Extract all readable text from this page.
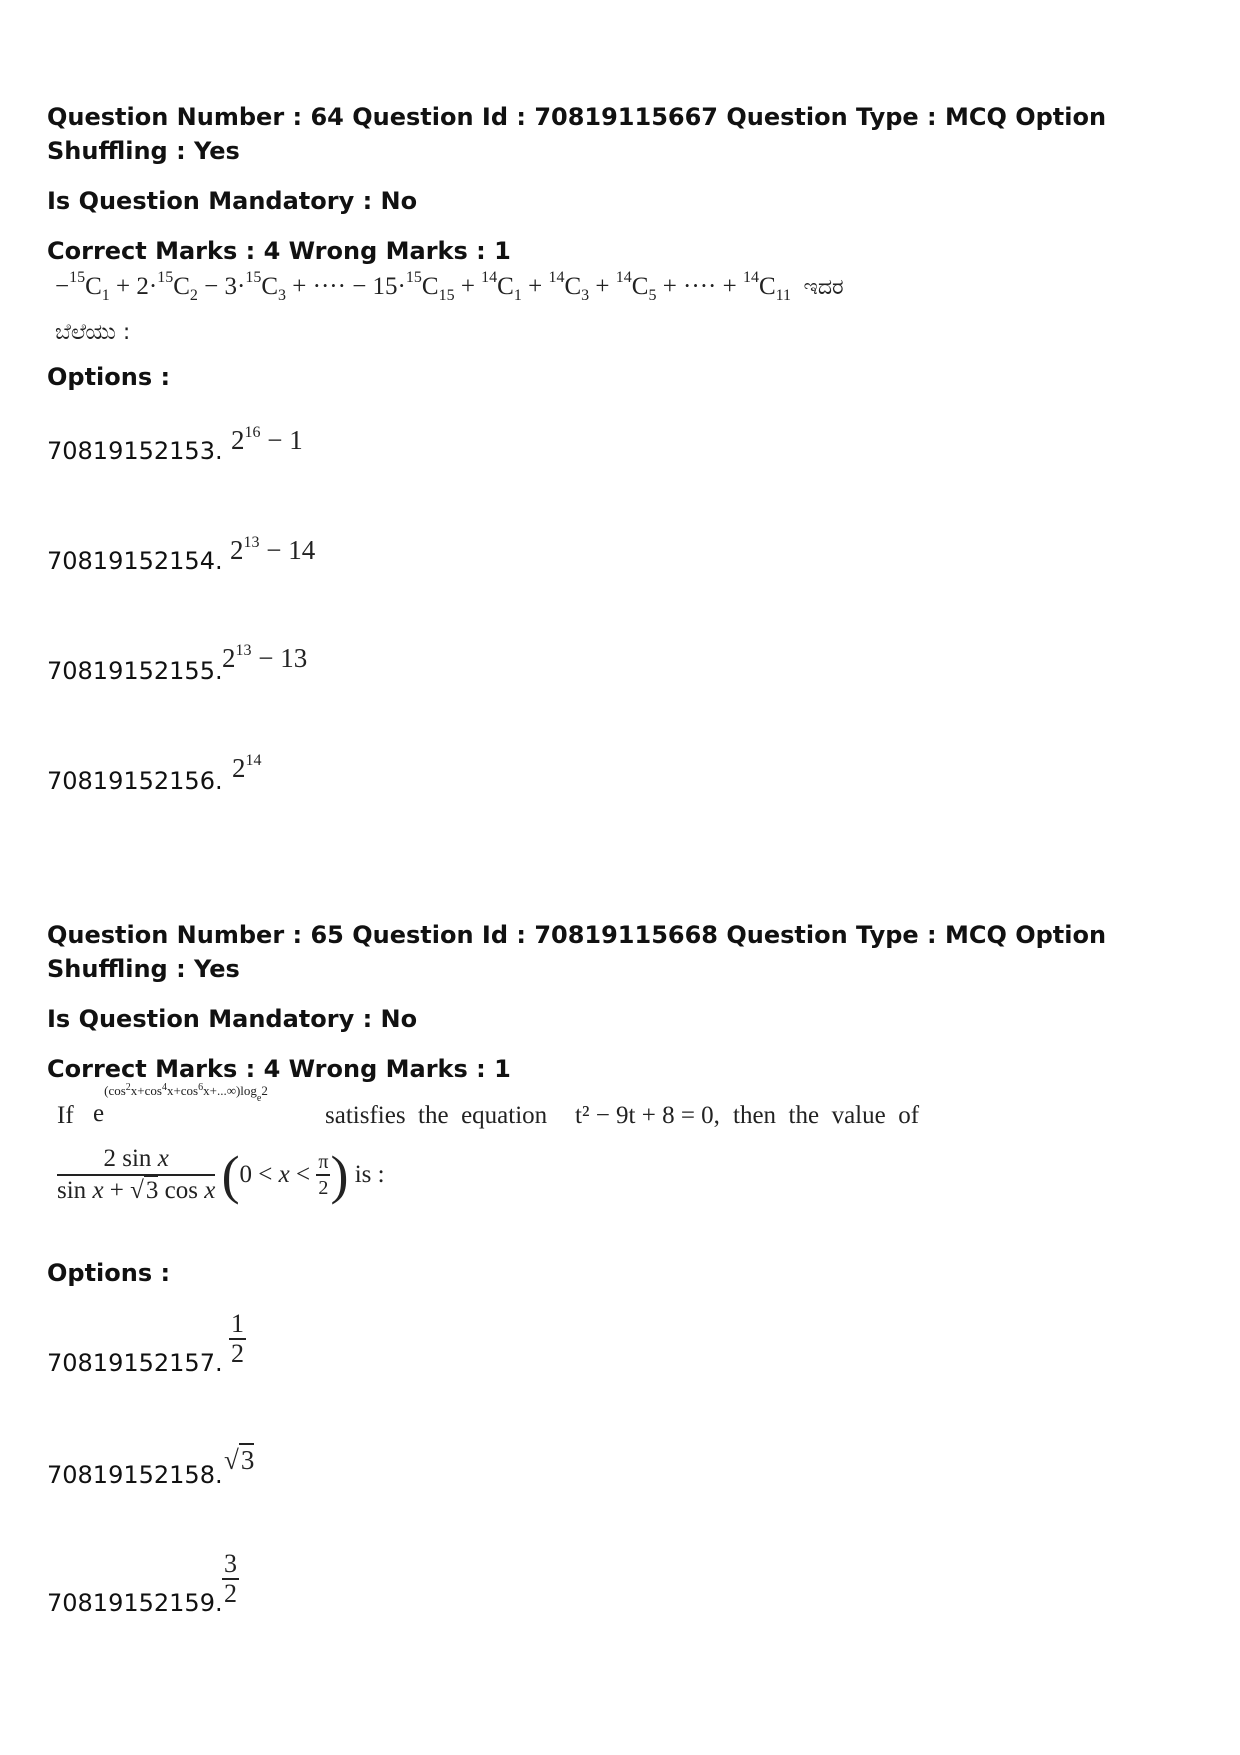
Question Number : 64 Question Id : 70819115667 Question Type : MCQ Option Shuffling : Yes

Is Question Mandatory : No

Correct Marks : 4 Wrong Marks : 1

$-^{15}C_1 + 2\cdot^{15}C_2 - 3\cdot^{15}C_3$ + ···· − $15\cdot^{15}C_{15} + ^{14}C_1 + ^{14}C_3 + ^{14}C_5$ + ···· + $^{14}C_{11}$ ಇದರ
ಬೆಲೆಯು :
Options :
70819152153. $2^{16} - 1$
70819152154. $2^{13} - 14$
70819152155. $2^{13} - 13$
70819152156. $2^{14}$

Question Number : 65 Question Id : 70819115668 Question Type : MCQ Option Shuffling : Yes

Is Question Mandatory : No

Correct Marks : 4 Wrong Marks : 1

If $e^{(cos^2x+cos^4x+cos^6x+...\infty)log_e2}$
satisfies  the  equation t² − 9t + 8 = 0, then  the  value  of
$\frac{\text{2 sin x}}{\text{sin x + √3 cos x}} (0 < x < \frac{\pi}{2}$ ) is :
Options :
70819152157. $\frac{1}{2}$
70819152158. √3
70819152159. $\frac{3}{2}$
